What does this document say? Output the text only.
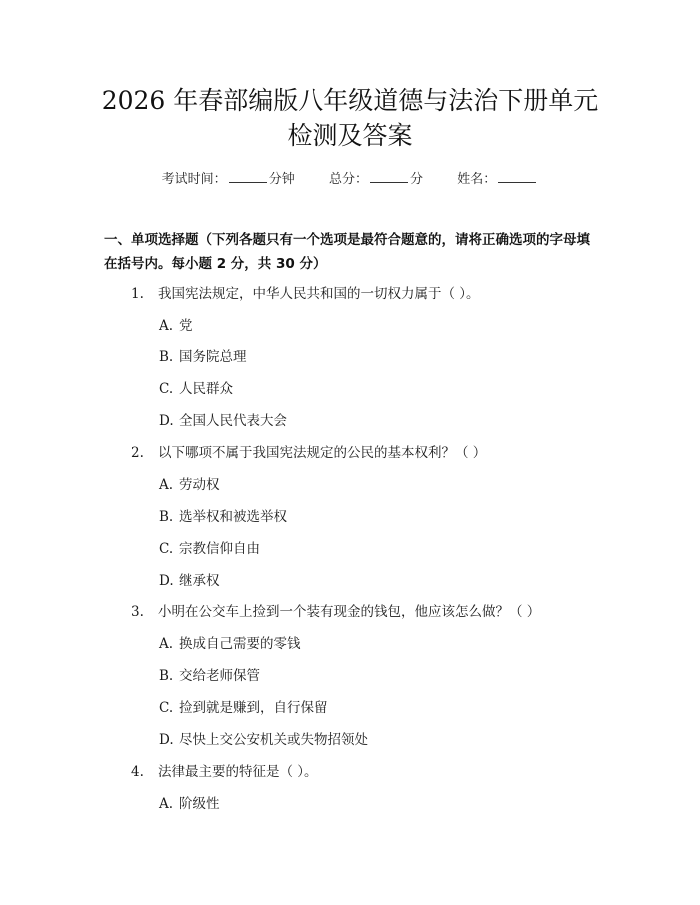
2026 年春部编版八年级道德与法治下册单元
检测及答案
考试时间：	分钟	总分：	分	姓名：
一、单项选择题（下列各题只有一个选项是最符合题意的，请将正确选项的字母填在括号内。每小题 2 分，共 30 分）
1. 我国宪法规定，中华人民共和国的一切权力属于（ ）。
A. 党
B. 国务院总理
C. 人民群众
D. 全国人民代表大会
2. 以下哪项不属于我国宪法规定的公民的基本权利？（ ）
A. 劳动权
B. 选举权和被选举权
C. 宗教信仰自由
D. 继承权
3. 小明在公交车上捡到一个装有现金的钱包，他应该怎么做？（ ）
A. 换成自己需要的零钱
B. 交给老师保管
C. 捡到就是赚到，自行保留
D. 尽快上交公安机关或失物招领处
4. 法律最主要的特征是（ ）。
A. 阶级性
